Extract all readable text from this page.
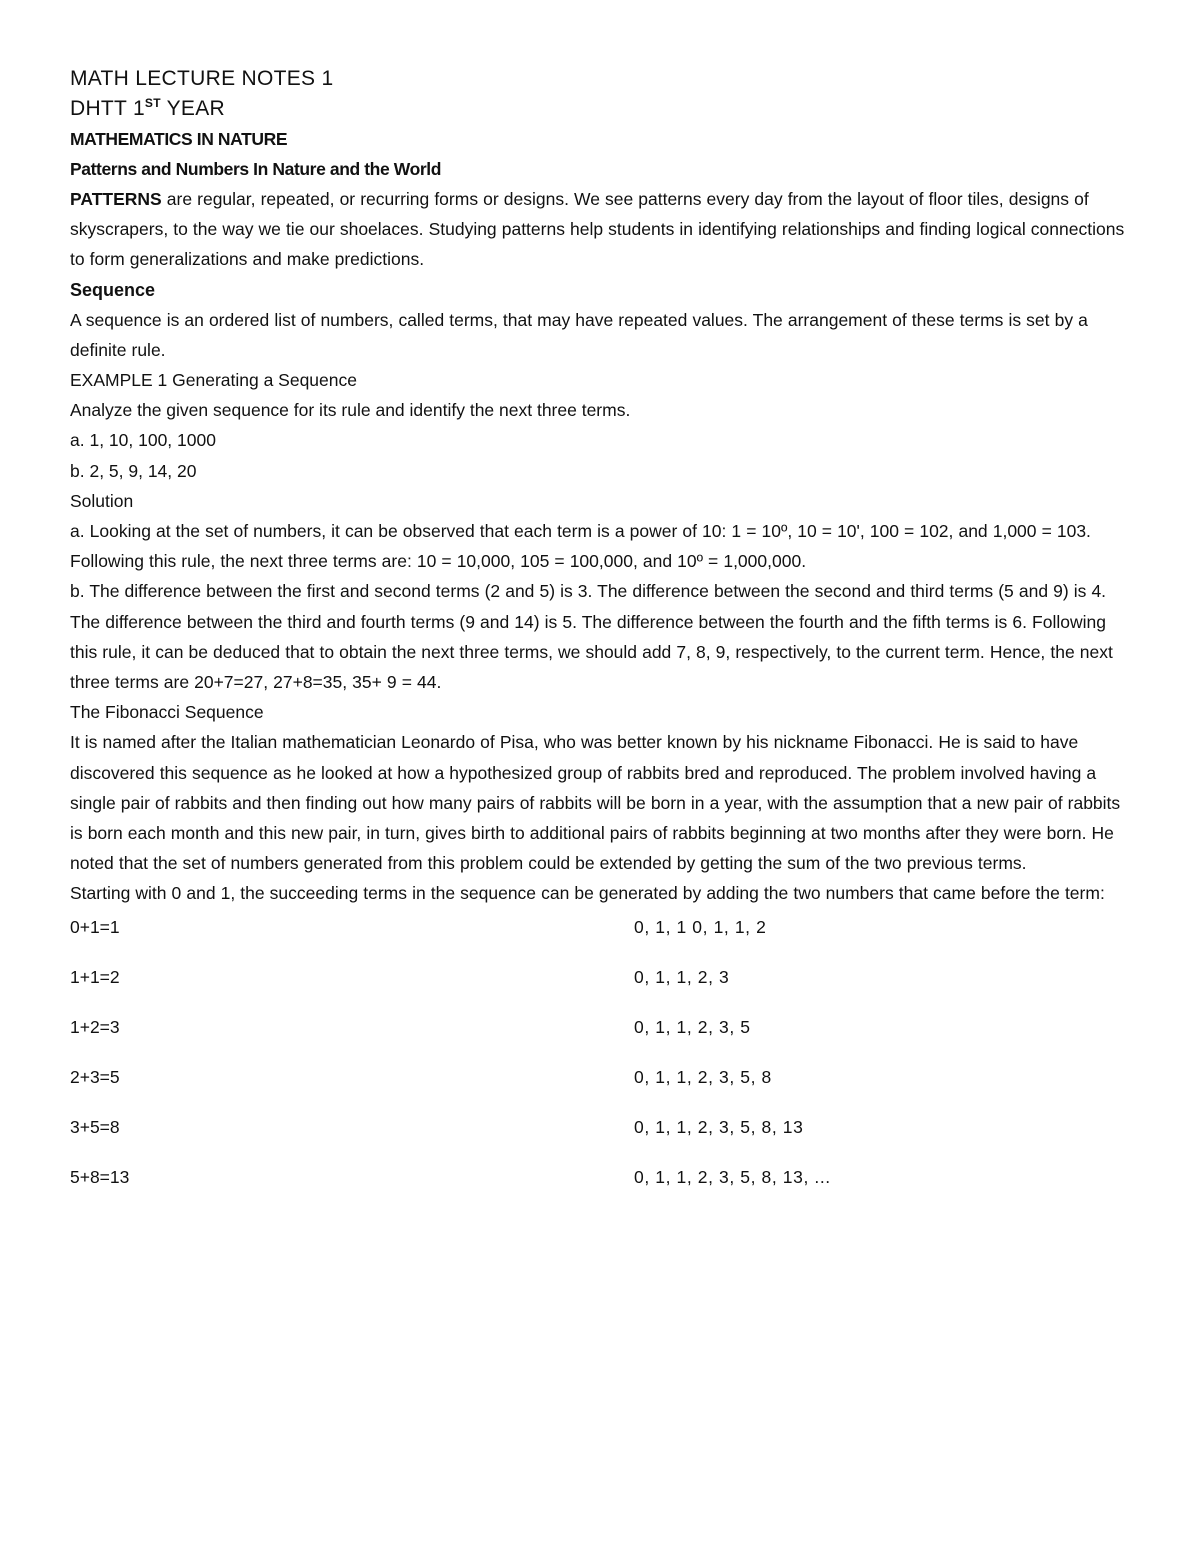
MATH LECTURE NOTES 1

DHTT 1ST YEAR

MATHEMATICS IN NATURE

Patterns and Numbers In Nature and the World

PATTERNS are regular, repeated, or recurring forms or designs. We see patterns every day from the layout of floor tiles, designs of skyscrapers, to the way we tie our shoelaces. Studying patterns help students in identifying relationships and finding logical connections to form generalizations and make predictions.

Sequence

A sequence is an ordered list of numbers, called terms, that may have repeated values. The arrangement of these terms is set by a definite rule.

EXAMPLE 1 Generating a Sequence

Analyze the given sequence for its rule and identify the next three terms.

a. 1, 10, 100, 1000

b. 2, 5, 9, 14, 20

Solution

a. Looking at the set of numbers, it can be observed that each term is a power of 10: 1 = 10º, 10 = 10', 100 = 102, and 1,000 = 103. Following this rule, the next three terms are: 10 = 10,000, 105 = 100,000, and 10º = 1,000,000.

b. The difference between the first and second terms (2 and 5) is 3. The difference between the second and third terms (5 and 9) is 4. The difference between the third and fourth terms (9 and 14) is 5. The difference between the fourth and the fifth terms is 6. Following this rule, it can be deduced that to obtain the next three terms, we should add 7, 8, 9, respectively, to the current term. Hence, the next three terms are 20+7=27, 27+8=35, 35+ 9 = 44.

The Fibonacci Sequence

It is named after the Italian mathematician Leonardo of Pisa, who was better known by his nickname Fibonacci. He is said to have discovered this sequence as he looked at how a hypothesized group of rabbits bred and reproduced. The problem involved having a single pair of rabbits and then finding out how many pairs of rabbits will be born in a year, with the assumption that a new pair of rabbits is born each month and this new pair, in turn, gives birth to additional pairs of rabbits beginning at two months after they were born. He noted that the set of numbers generated from this problem could be extended by getting the sum of the two previous terms.

Starting with 0 and 1, the succeeding terms in the sequence can be generated by adding the two numbers that came before the term:

0+1=1	0, 1, 1 0, 1, 1, 2
1+1=2	0, 1, 1, 2, 3
1+2=3	0, 1, 1, 2, 3, 5
2+3=5	0, 1, 1, 2, 3, 5, 8
3+5=8	0, 1, 1, 2, 3, 5, 8, 13
5+8=13	0, 1, 1, 2, 3, 5, 8, 13, ...
